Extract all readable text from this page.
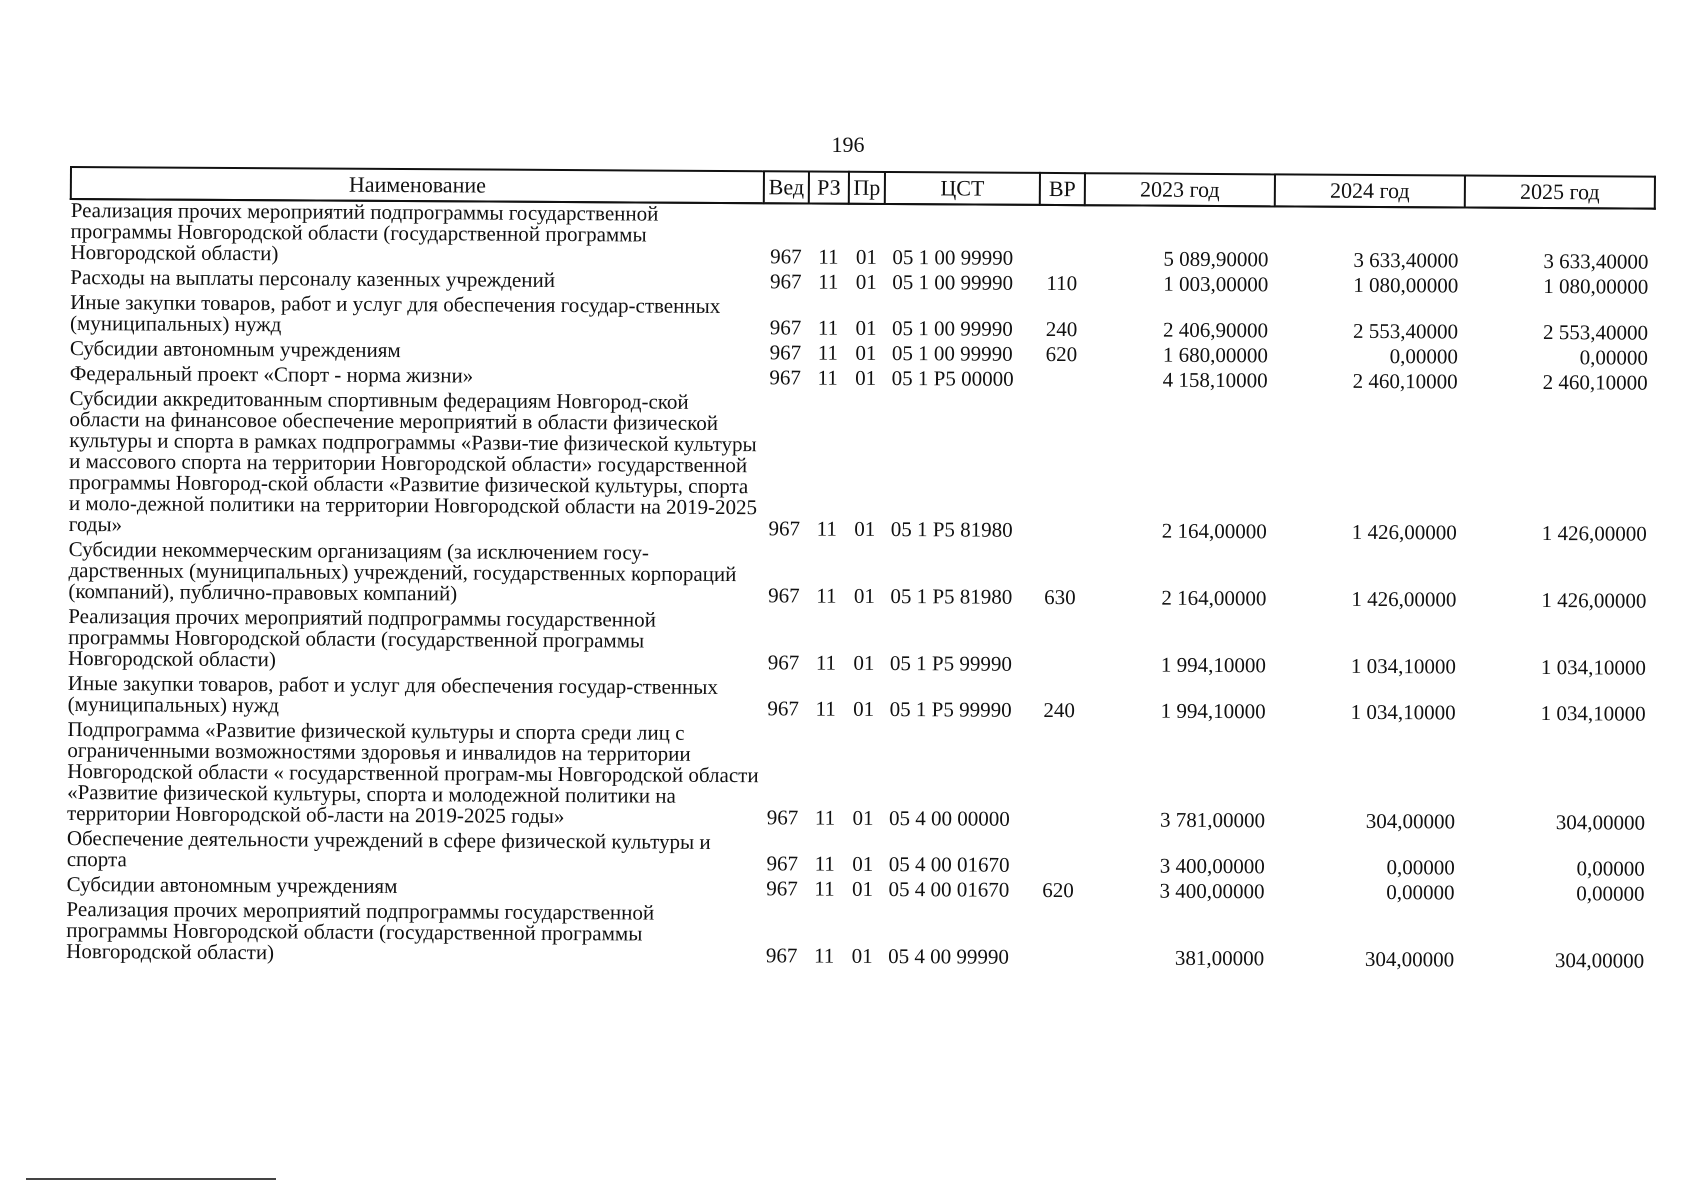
196
Наименование	Вед	РЗ	Пр	ЦСТ	ВР	2023 год	2024 год	2025 год
Реализация прочих мероприятий подпрограммы государственной программы Новгородской области (государственной программы Новгородской области)	967	11	01	05 1 00 99990		5 089,90000	3 633,40000	3 633,40000
Расходы на выплаты персоналу казенных учреждений	967	11	01	05 1 00 99990	110	1 003,00000	1 080,00000	1 080,00000
Иные закупки товаров, работ и услуг для обеспечения государ-ственных (муниципальных) нужд	967	11	01	05 1 00 99990	240	2 406,90000	2 553,40000	2 553,40000
Субсидии автономным учреждениям	967	11	01	05 1 00 99990	620	1 680,00000	0,00000	0,00000
Федеральный проект «Спорт - норма жизни»	967	11	01	05 1 P5 00000		4 158,10000	2 460,10000	2 460,10000
Субсидии аккредитованным спортивным федерациям Новгород-ской области на финансовое обеспечение мероприятий в области физической культуры и спорта в рамках подпрограммы «Разви-тие физической культуры и массового спорта на территории Новгородской области» государственной программы Новгород-ской области «Развитие физической культуры, спорта и моло-дежной политики на территории Новгородской области на 2019-2025 годы»	967	11	01	05 1 P5 81980		2 164,00000	1 426,00000	1 426,00000
Субсидии некоммерческим организациям (за исключением госу-дарственных (муниципальных) учреждений, государственных корпораций (компаний), публично-правовых компаний)	967	11	01	05 1 P5 81980	630	2 164,00000	1 426,00000	1 426,00000
Реализация прочих мероприятий подпрограммы государственной программы Новгородской области (государственной программы Новгородской области)	967	11	01	05 1 P5 99990		1 994,10000	1 034,10000	1 034,10000
Иные закупки товаров, работ и услуг для обеспечения государ-ственных (муниципальных) нужд	967	11	01	05 1 P5 99990	240	1 994,10000	1 034,10000	1 034,10000
Подпрограмма «Развитие физической культуры и спорта среди лиц с ограниченными возможностями здоровья и инвалидов на территории Новгородской области « государственной програм-мы Новгородской области «Развитие физической культуры, спорта и молодежной политики на территории Новгородской об-ласти на 2019-2025 годы»	967	11	01	05 4 00 00000		3 781,00000	304,00000	304,00000
Обеспечение деятельности учреждений в сфере физической культуры и спорта	967	11	01	05 4 00 01670		3 400,00000	0,00000	0,00000
Субсидии автономным учреждениям	967	11	01	05 4 00 01670	620	3 400,00000	0,00000	0,00000
Реализация прочих мероприятий подпрограммы государственной программы Новгородской области (государственной программы Новгородской области)	967	11	01	05 4 00 99990		381,00000	304,00000	304,00000
